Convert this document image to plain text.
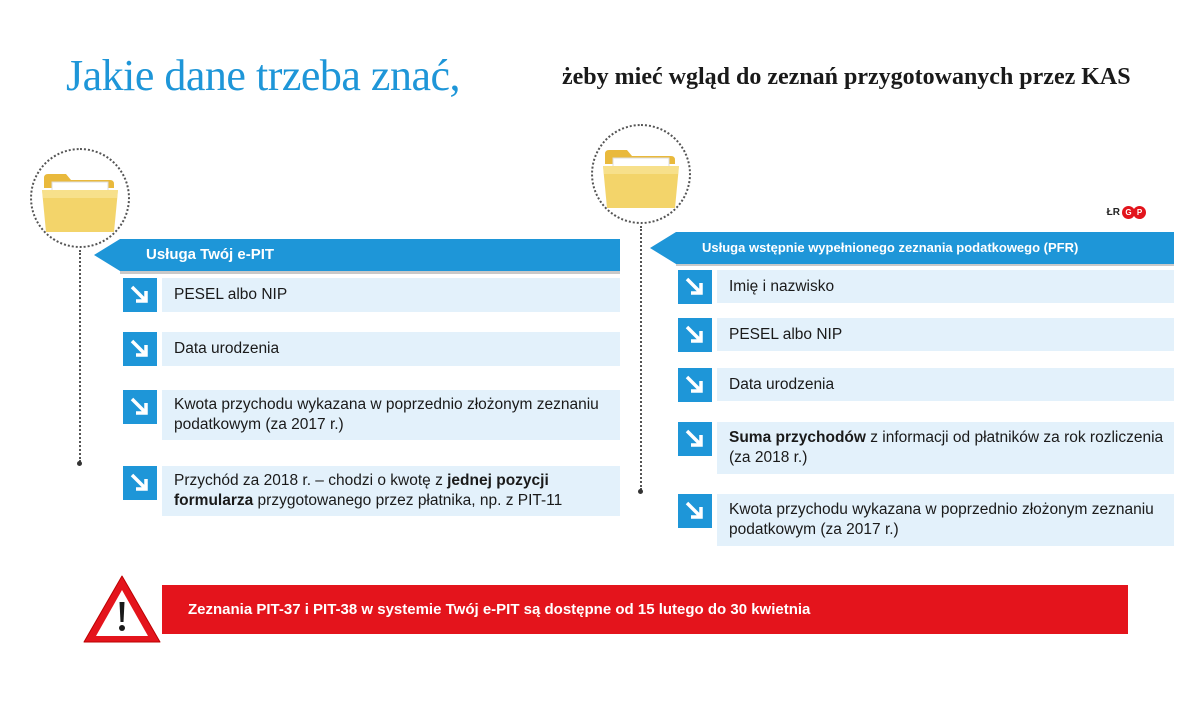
Jakie dane trzeba znać,	żeby mieć wgląd do zeznań przygotowanych przez KAS
Usługa Twój e-PIT
PESEL albo NIP
Data urodzenia
Kwota przychodu wykazana w poprzednio złożonym zeznaniu podatkowym (za 2017 r.)
Przychód za 2018 r. – chodzi o kwotę z jednej pozycji formularza przygotowanego przez płatnika, np. z PIT-11
ŁR G P
Usługa wstępnie wypełnionego zeznania podatkowego (PFR)
Imię i nazwisko
PESEL albo NIP
Data urodzenia
Suma przychodów z informacji od płatników za rok rozliczenia (za 2018 r.)
Kwota przychodu wykazana w poprzednio złożonym zeznaniu podatkowym (za 2017 r.)
Zeznania PIT-37 i PIT-38 w systemie Twój e-PIT są dostępne od 15 lutego do 30 kwietnia
